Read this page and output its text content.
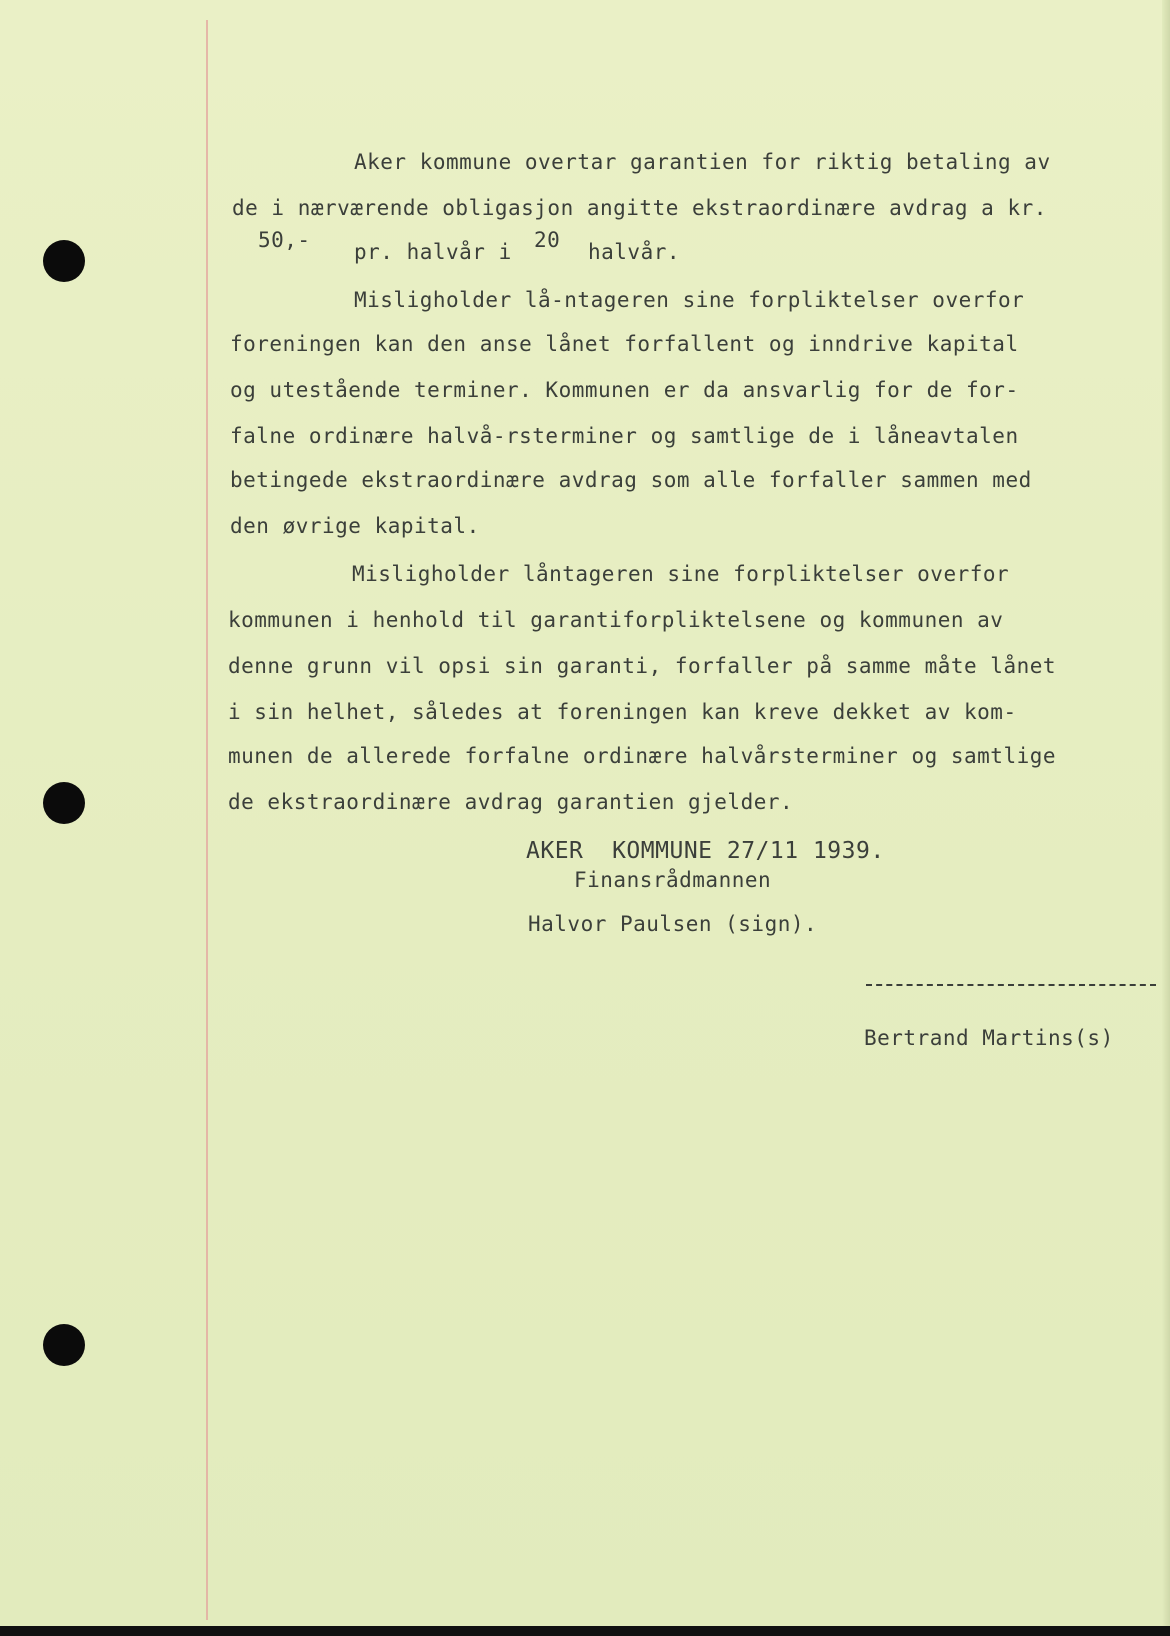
Aker kommune overtar garantien for riktig betaling av
de i nærværende obligasjon angitte ekstraordinære avdrag a kr.
50,- pr. halvår i 20 halvår.
Misligholder lå-ntageren sine forpliktelser overfor
foreningen kan den anse lånet forfallent og inndrive kapital
og utestående terminer. Kommunen er da ansvarlig for de for-
falne ordinære halvå-rsterminer og samtlige de i låneavtalen
betingede ekstraordinære avdrag som alle forfaller sammen med
den øvrige kapital.
Misligholder låntageren sine forpliktelser overfor
kommunen i henhold til garantiforpliktelsene og kommunen av
denne grunn vil opsi sin garanti, forfaller på samme måte lånet
i sin helhet, således at foreningen kan kreve dekket av kom-
munen de allerede forfalne ordinære halvårsterminer og samtlige
de ekstraordinære avdrag garantien gjelder.
AKER  KOMMUNE 27/11 1939.
Finansrådmannen
Halvor Paulsen (sign).
Bertrand Martins(s)
